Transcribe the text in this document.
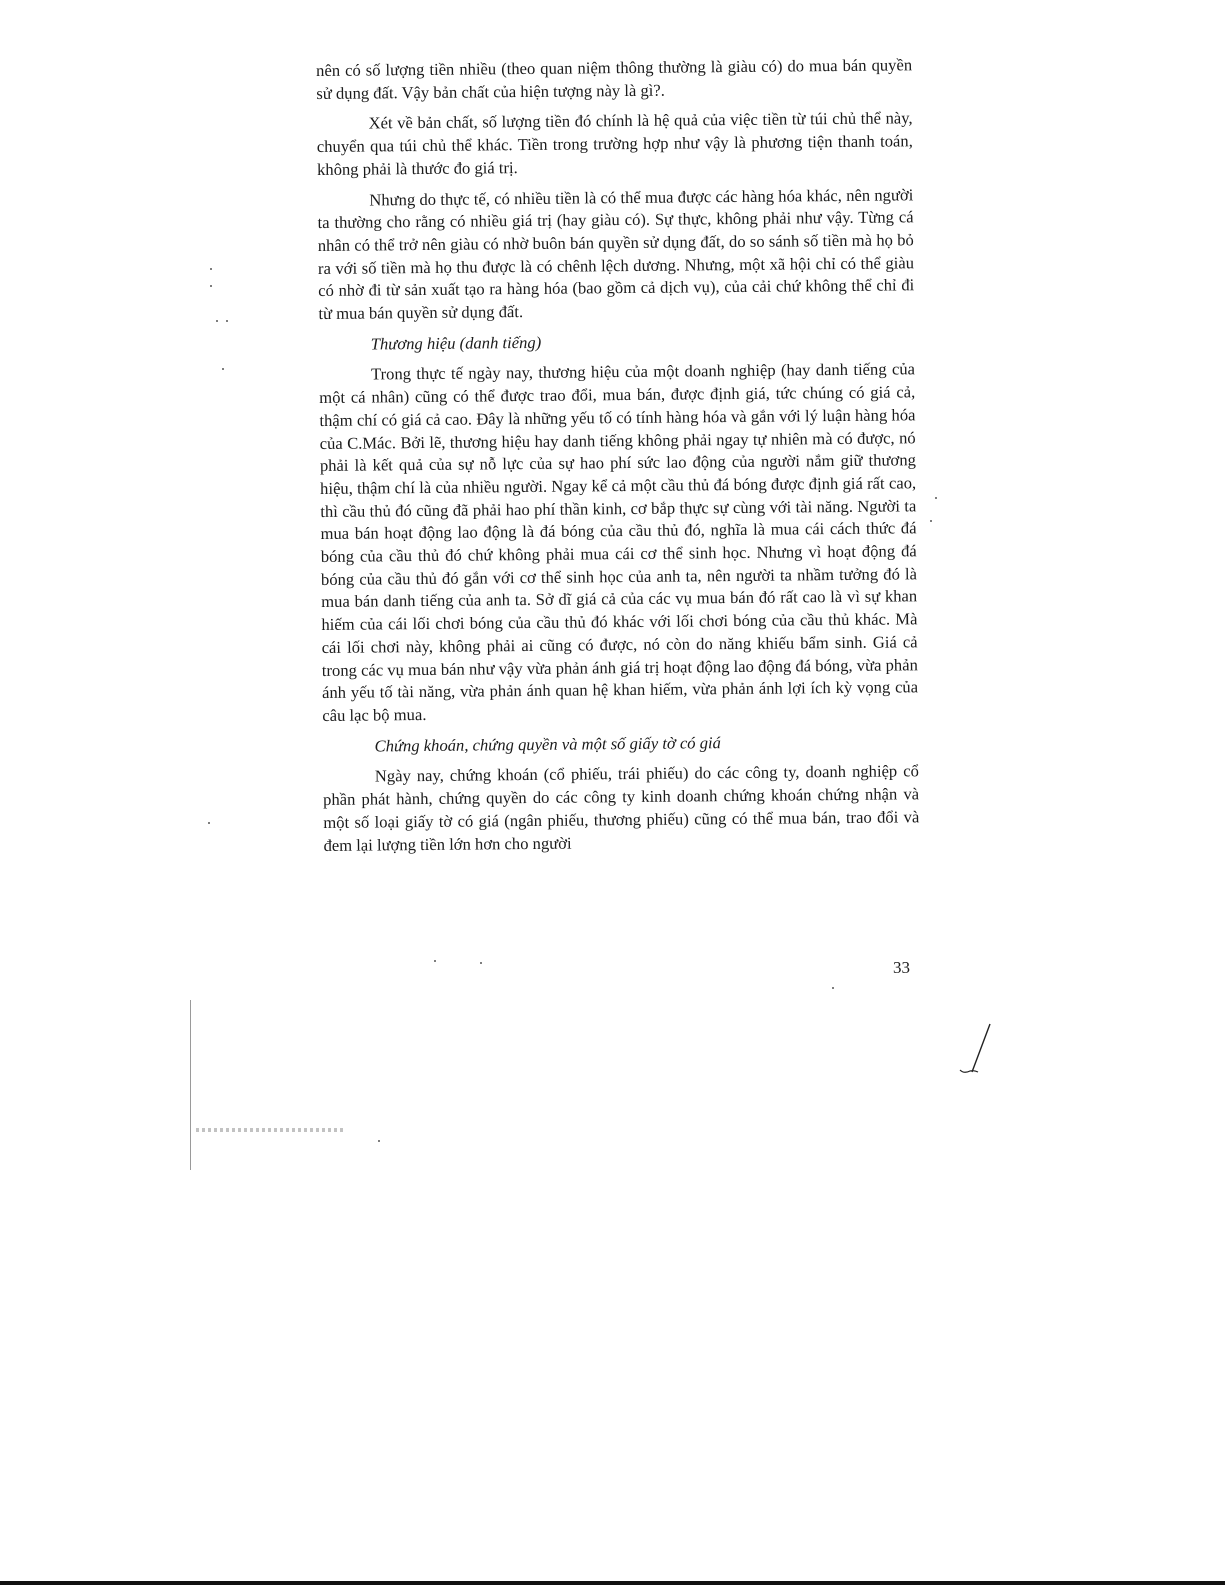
nên có số lượng tiền nhiều (theo quan niệm thông thường là giàu có) do mua bán quyền sử dụng đất. Vậy bản chất của hiện tượng này là gì?.

Xét về bản chất, số lượng tiền đó chính là hệ quả của việc tiền từ túi chủ thể này, chuyển qua túi chủ thể khác. Tiền trong trường hợp như vậy là phương tiện thanh toán, không phải là thước đo giá trị.

Nhưng do thực tế, có nhiều tiền là có thể mua được các hàng hóa khác, nên người ta thường cho rằng có nhiều giá trị (hay giàu có). Sự thực, không phải như vậy. Từng cá nhân có thể trở nên giàu có nhờ buôn bán quyền sử dụng đất, do so sánh số tiền mà họ bỏ ra với số tiền mà họ thu được là có chênh lệch dương. Nhưng, một xã hội chỉ có thể giàu có nhờ đi từ sản xuất tạo ra hàng hóa (bao gồm cả dịch vụ), của cải chứ không thể chỉ đi từ mua bán quyền sử dụng đất.

Thương hiệu (danh tiếng)

Trong thực tế ngày nay, thương hiệu của một doanh nghiệp (hay danh tiếng của một cá nhân) cũng có thể được trao đổi, mua bán, được định giá, tức chúng có giá cả, thậm chí có giá cả cao. Đây là những yếu tố có tính hàng hóa và gắn với lý luận hàng hóa của C.Mác. Bởi lẽ, thương hiệu hay danh tiếng không phải ngay tự nhiên mà có được, nó phải là kết quả của sự nỗ lực của sự hao phí sức lao động của người nắm giữ thương hiệu, thậm chí là của nhiều người. Ngay kể cả một cầu thủ đá bóng được định giá rất cao, thì cầu thủ đó cũng đã phải hao phí thần kinh, cơ bắp thực sự cùng với tài năng. Người ta mua bán hoạt động lao động là đá bóng của cầu thủ đó, nghĩa là mua cái cách thức đá bóng của cầu thủ đó chứ không phải mua cái cơ thể sinh học. Nhưng vì hoạt động đá bóng của cầu thủ đó gắn với cơ thể sinh học của anh ta, nên người ta nhầm tưởng đó là mua bán danh tiếng của anh ta. Sở dĩ giá cả của các vụ mua bán đó rất cao là vì sự khan hiếm của cái lối chơi bóng của cầu thủ đó khác với lối chơi bóng của cầu thủ khác. Mà cái lối chơi này, không phải ai cũng có được, nó còn do năng khiếu bẩm sinh. Giá cả trong các vụ mua bán như vậy vừa phản ánh giá trị hoạt động lao động đá bóng, vừa phản ánh yếu tố tài năng, vừa phản ánh quan hệ khan hiếm, vừa phản ánh lợi ích kỳ vọng của câu lạc bộ mua.

Chứng khoán, chứng quyền và một số giấy tờ có giá

Ngày nay, chứng khoán (cổ phiếu, trái phiếu) do các công ty, doanh nghiệp cổ phần phát hành, chứng quyền do các công ty kinh doanh chứng khoán chứng nhận và một số loại giấy tờ có giá (ngân phiếu, thương phiếu) cũng có thể mua bán, trao đổi và đem lại lượng tiền lớn hơn cho người

33
